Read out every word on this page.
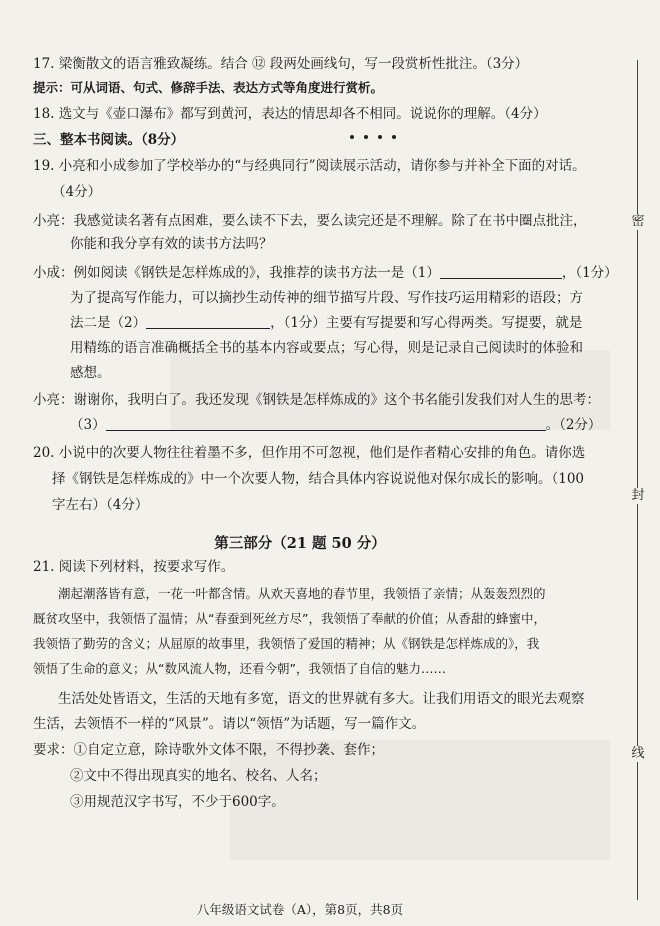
17. 梁衡散文的语言雅致凝练。结合 ⑫ 段两处画线句，写一段赏析性批注。（3分）
提示：可从词语、句式、修辞手法、表达方式等角度进行赏析。
18. 选文与《壶口瀑布》都写到黄河，表达的情思却各不相同。说说你的理解。（4分）
三、整本书阅读。（8分）
19. 小亮和小成参加了学校举办的“与经典同行”阅读展示活动，请你参与并补全下面的对话。
（4分）
小亮：我感觉读名著有点困难，要么读不下去，要么读完还是不理解。除了在书中圈点批注，
你能和我分享有效的读书方法吗？
小成：例如阅读《钢铁是怎样炼成的》，我推荐的读书方法一是（1）	，（1分）
为了提高写作能力，可以摘抄生动传神的细节描写片段、写作技巧运用精彩的语段；方
法二是（2）	，（1分）主要有写提要和写心得两类。写提要，就是
用精练的语言准确概括全书的基本内容或要点；写心得，则是记录自己阅读时的体验和
感想。
小亮：谢谢你，我明白了。我还发现《钢铁是怎样炼成的》这个书名能引发我们对人生的思考：
（3）	。（2分）
20. 小说中的次要人物往往着墨不多，但作用不可忽视，他们是作者精心安排的角色。请你选
择《钢铁是怎样炼成的》中一个次要人物，结合具体内容说说他对保尔成长的影响。（100
字左右）（4分）
第三部分（21 题 50 分）
21. 阅读下列材料，按要求写作。
潮起潮落皆有意，一花一叶都含情。从欢天喜地的春节里，我领悟了亲情；从轰轰烈烈的
厩贫攻坚中，我领悟了温情；从“春蚕到死丝方尽”，我领悟了奉献的价值；从香甜的蜂蜜中，
我领悟了勤劳的含义；从屈原的故事里，我领悟了爱国的精神；从《钢铁是怎样炼成的》，我
领悟了生命的意义；从“数风流人物，还看今朝”，我领悟了自信的魅力……
生活处处皆语文，生活的天地有多宽，语文的世界就有多大。让我们用语文的眼光去观察
生活，去领悟不一样的“风景”。请以“领悟”为话题，写一篇作文。
要求：①自定立意，除诗歌外文体不限，不得抄袭、套作；
②文中不得出现真实的地名、校名、人名；
③用规范汉字书写，不少于600字。
密
封
线
八年级语文试卷（A），第8页，共8页
